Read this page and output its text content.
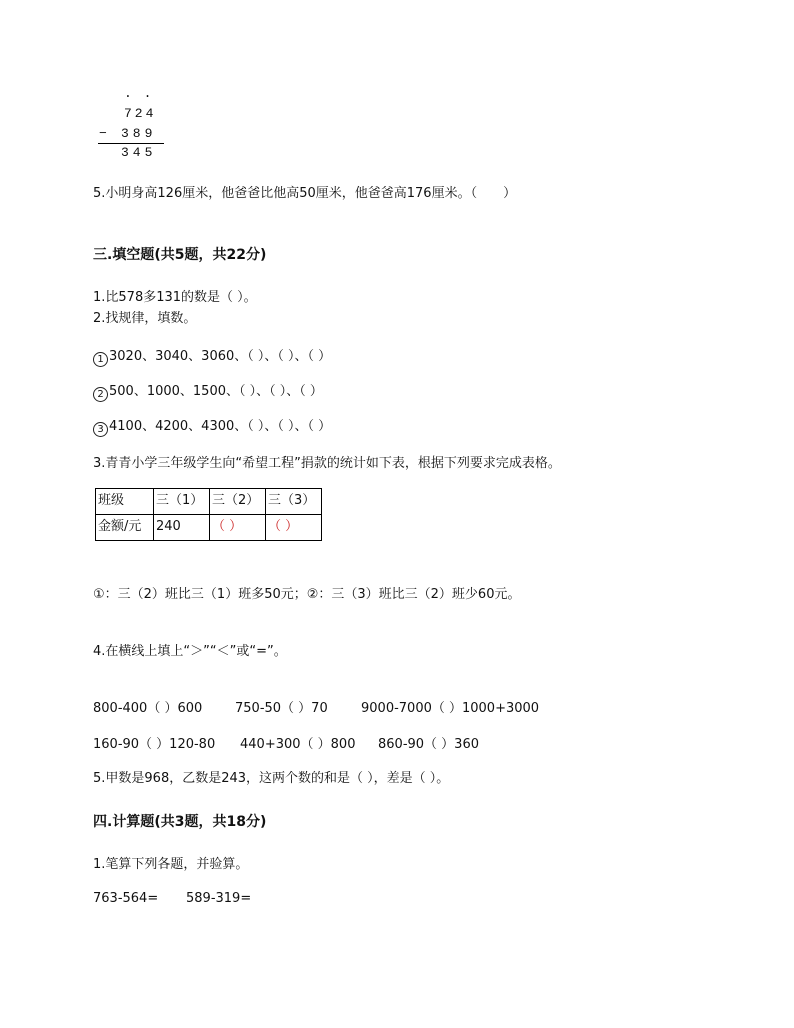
. .
724
− 389
345
5.小明身高126厘米，他爸爸比他高50厘米，他爸爸高176厘米。（　　）
三.填空题(共5题，共22分)
1.比578多131的数是（ ）。
2.找规律，填数。
1 3020、3040、3060、（ ）、（ ）、（ ）
2 500、1000、1500、（ ）、（ ）、（ ）
3 4100、4200、4300、（ ）、（ ）、（ ）
3.青青小学三年级学生向“希望工程”捐款的统计如下表，根据下列要求完成表格。
班级 三（1） 三（2） 三（3）
金额/元 240 （ ） （ ）
①：三（2）班比三（1）班多50元；②：三（3）班比三（2）班少60元。
4.在横线上填上“＞”“＜”或“=”。
800-400（ ）600	750-50（ ）70	9000-7000（ ）1000+3000
160-90（ ）120-80 440+300（ ）800 860-90（ ）360
5.甲数是968，乙数是243，这两个数的和是（ ），差是（ ）。
四.计算题(共3题，共18分)
1.笔算下列各题，并验算。
763-564= 589-319=
